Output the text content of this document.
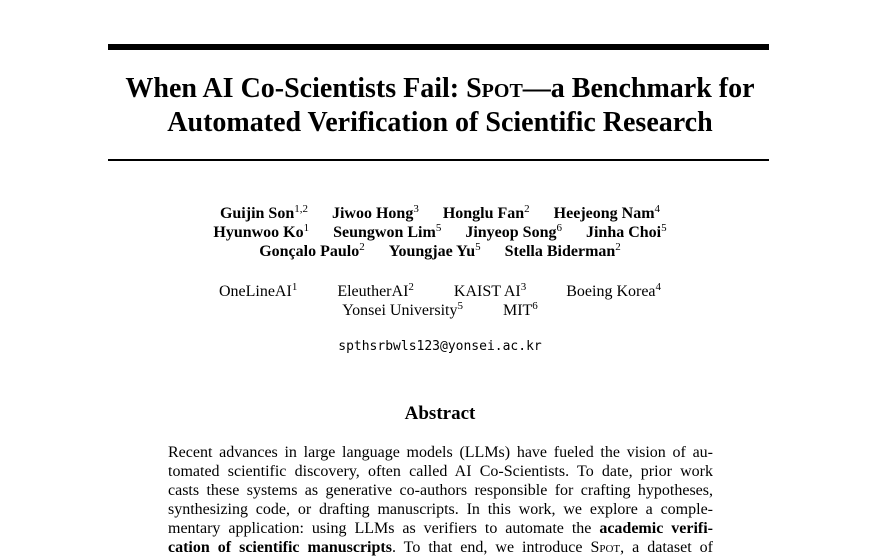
When AI Co-Scientists Fail: Spot—a Benchmark for
Automated Verification of Scientific Research
Guijin Son$^{1,2}$ Jiwoo Hong$^3$ Honglu Fan$^2$ Heejeong Nam$^4$
Hyunwoo Ko$^1$ Seungwon Lim$^5$ Jinyeop Song$^6$ Jinha Choi$^5$
Gonçalo Paulo$^2$ Youngjae Yu$^5$ Stella Biderman$^2$
OneLineAI$^1$	EleutherAI$^2$	KAIST $AI^3$	Boeing Korea$^4$
Yonsei University$^5$	MIT$^6$
spthsrbwls123@yonsei.ac.kr
Abstract
Recent advances in large language models (LLMs) have fueled the vision of au-
tomated scientific discovery, often called AI Co-Scientists. To date, prior work
casts these systems as generative co-authors responsible for crafting hypotheses,
synthesizing code, or drafting manuscripts. In this work, we explore a comple-
mentary application: using LLMs as verifiers to automate the academic verifi-
cation of scientific manuscripts. To that end, we introduce Spot, a dataset of
